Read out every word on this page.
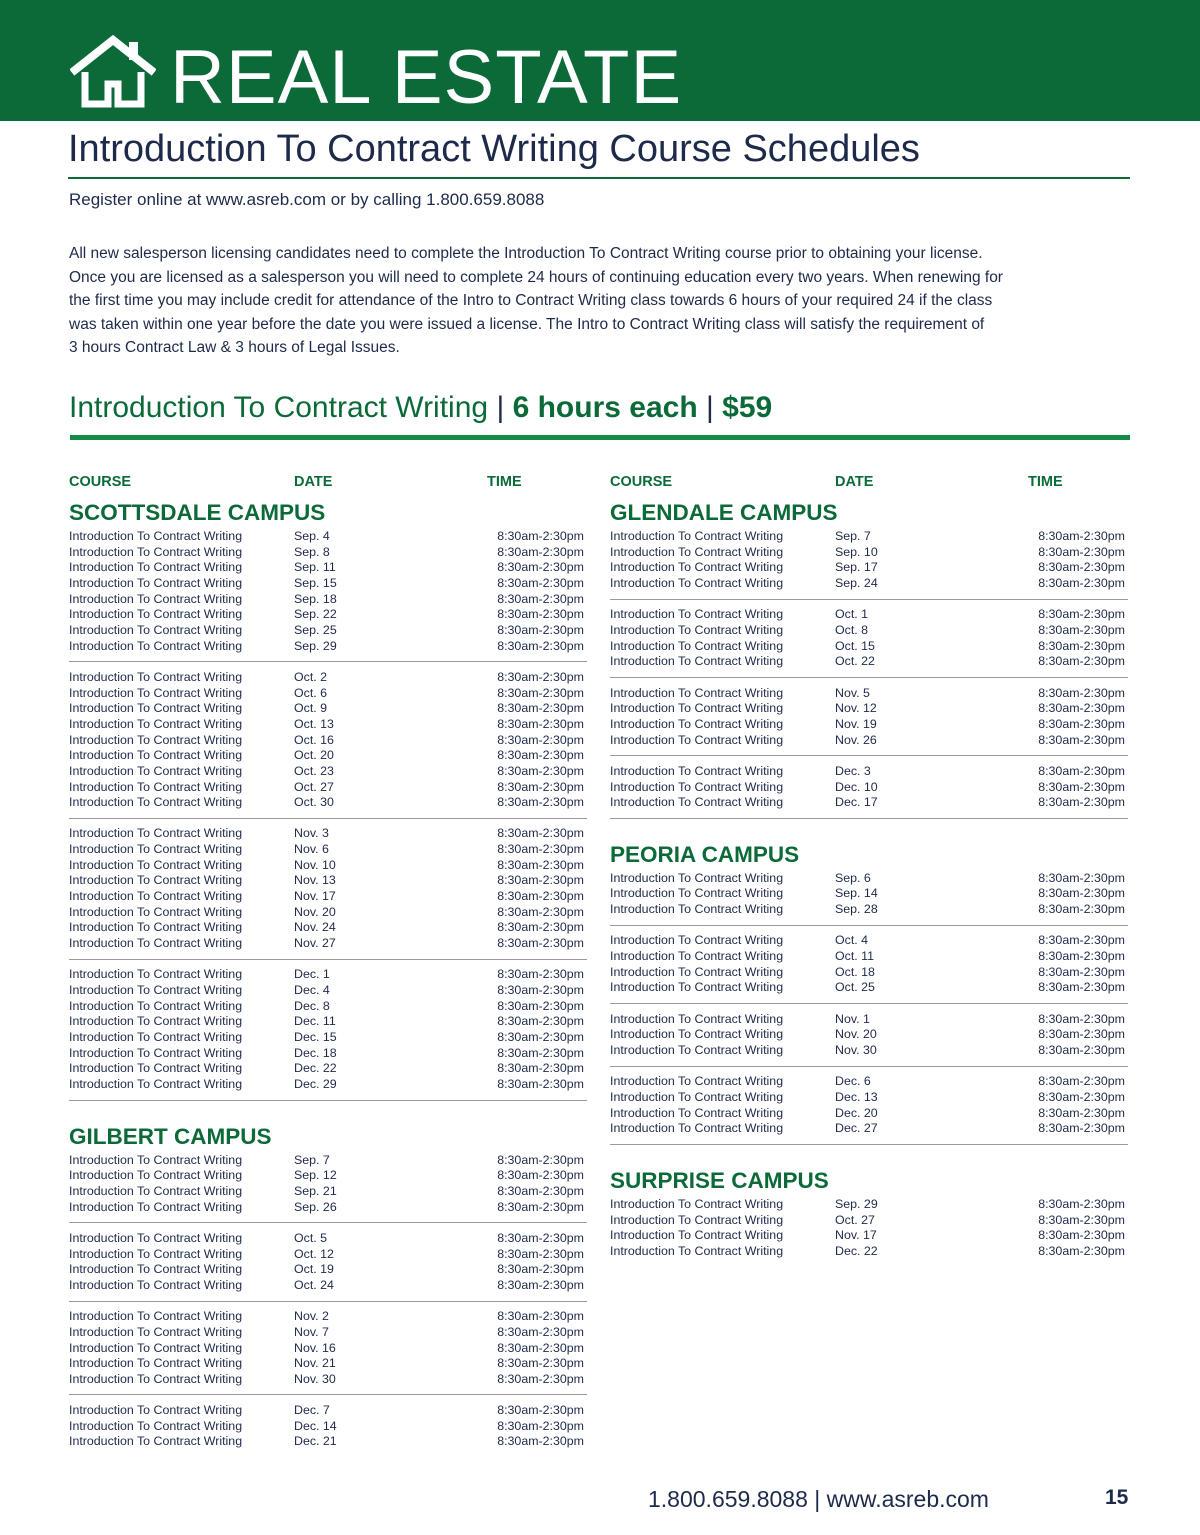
REAL ESTATE
Introduction To Contract Writing Course Schedules
Register online at www.asreb.com or by calling 1.800.659.8088
All new salesperson licensing candidates need to complete the Introduction To Contract Writing course prior to obtaining your license.
Once you are licensed as a salesperson you will need to complete 24 hours of continuing education every two years. When renewing for
the first time you may include credit for attendance of the Intro to Contract Writing class towards 6 hours of your required 24 if the class
was taken within one year before the date you were issued a license. The Intro to Contract Writing class will satisfy the requirement of
3 hours Contract Law & 3 hours of Legal Issues.
Introduction To Contract Writing | 6 hours each | $59
COURSE	DATE	TIME
SCOTTSDALE CAMPUS
Introduction To Contract Writing	Sep. 4	8:30am-2:30pm
Introduction To Contract Writing	Sep. 8	8:30am-2:30pm
Introduction To Contract Writing	Sep. 11	8:30am-2:30pm
Introduction To Contract Writing	Sep. 15	8:30am-2:30pm
Introduction To Contract Writing	Sep. 18	8:30am-2:30pm
Introduction To Contract Writing	Sep. 22	8:30am-2:30pm
Introduction To Contract Writing	Sep. 25	8:30am-2:30pm
Introduction To Contract Writing	Sep. 29	8:30am-2:30pm
Introduction To Contract Writing	Oct. 2	8:30am-2:30pm
Introduction To Contract Writing	Oct. 6	8:30am-2:30pm
Introduction To Contract Writing	Oct. 9	8:30am-2:30pm
Introduction To Contract Writing	Oct. 13	8:30am-2:30pm
Introduction To Contract Writing	Oct. 16	8:30am-2:30pm
Introduction To Contract Writing	Oct. 20	8:30am-2:30pm
Introduction To Contract Writing	Oct. 23	8:30am-2:30pm
Introduction To Contract Writing	Oct. 27	8:30am-2:30pm
Introduction To Contract Writing	Oct. 30	8:30am-2:30pm
Introduction To Contract Writing	Nov. 3	8:30am-2:30pm
Introduction To Contract Writing	Nov. 6	8:30am-2:30pm
Introduction To Contract Writing	Nov. 10	8:30am-2:30pm
Introduction To Contract Writing	Nov. 13	8:30am-2:30pm
Introduction To Contract Writing	Nov. 17	8:30am-2:30pm
Introduction To Contract Writing	Nov. 20	8:30am-2:30pm
Introduction To Contract Writing	Nov. 24	8:30am-2:30pm
Introduction To Contract Writing	Nov. 27	8:30am-2:30pm
Introduction To Contract Writing	Dec. 1	8:30am-2:30pm
Introduction To Contract Writing	Dec. 4	8:30am-2:30pm
Introduction To Contract Writing	Dec. 8	8:30am-2:30pm
Introduction To Contract Writing	Dec. 11	8:30am-2:30pm
Introduction To Contract Writing	Dec. 15	8:30am-2:30pm
Introduction To Contract Writing	Dec. 18	8:30am-2:30pm
Introduction To Contract Writing	Dec. 22	8:30am-2:30pm
Introduction To Contract Writing	Dec. 29	8:30am-2:30pm
GILBERT CAMPUS
Introduction To Contract Writing	Sep. 7	8:30am-2:30pm
Introduction To Contract Writing	Sep. 12	8:30am-2:30pm
Introduction To Contract Writing	Sep. 21	8:30am-2:30pm
Introduction To Contract Writing	Sep. 26	8:30am-2:30pm
Introduction To Contract Writing	Oct. 5	8:30am-2:30pm
Introduction To Contract Writing	Oct. 12	8:30am-2:30pm
Introduction To Contract Writing	Oct. 19	8:30am-2:30pm
Introduction To Contract Writing	Oct. 24	8:30am-2:30pm
Introduction To Contract Writing	Nov. 2	8:30am-2:30pm
Introduction To Contract Writing	Nov. 7	8:30am-2:30pm
Introduction To Contract Writing	Nov. 16	8:30am-2:30pm
Introduction To Contract Writing	Nov. 21	8:30am-2:30pm
Introduction To Contract Writing	Nov. 30	8:30am-2:30pm
Introduction To Contract Writing	Dec. 7	8:30am-2:30pm
Introduction To Contract Writing	Dec. 14	8:30am-2:30pm
Introduction To Contract Writing	Dec. 21	8:30am-2:30pm
COURSE	DATE	TIME
GLENDALE CAMPUS
Introduction To Contract Writing	Sep. 7	8:30am-2:30pm
Introduction To Contract Writing	Sep. 10	8:30am-2:30pm
Introduction To Contract Writing	Sep. 17	8:30am-2:30pm
Introduction To Contract Writing	Sep. 24	8:30am-2:30pm
Introduction To Contract Writing	Oct. 1	8:30am-2:30pm
Introduction To Contract Writing	Oct. 8	8:30am-2:30pm
Introduction To Contract Writing	Oct. 15	8:30am-2:30pm
Introduction To Contract Writing	Oct. 22	8:30am-2:30pm
Introduction To Contract Writing	Nov. 5	8:30am-2:30pm
Introduction To Contract Writing	Nov. 12	8:30am-2:30pm
Introduction To Contract Writing	Nov. 19	8:30am-2:30pm
Introduction To Contract Writing	Nov. 26	8:30am-2:30pm
Introduction To Contract Writing	Dec. 3	8:30am-2:30pm
Introduction To Contract Writing	Dec. 10	8:30am-2:30pm
Introduction To Contract Writing	Dec. 17	8:30am-2:30pm
PEORIA CAMPUS
Introduction To Contract Writing	Sep. 6	8:30am-2:30pm
Introduction To Contract Writing	Sep. 14	8:30am-2:30pm
Introduction To Contract Writing	Sep. 28	8:30am-2:30pm
Introduction To Contract Writing	Oct. 4	8:30am-2:30pm
Introduction To Contract Writing	Oct. 11	8:30am-2:30pm
Introduction To Contract Writing	Oct. 18	8:30am-2:30pm
Introduction To Contract Writing	Oct. 25	8:30am-2:30pm
Introduction To Contract Writing	Nov. 1	8:30am-2:30pm
Introduction To Contract Writing	Nov. 20	8:30am-2:30pm
Introduction To Contract Writing	Nov. 30	8:30am-2:30pm
Introduction To Contract Writing	Dec. 6	8:30am-2:30pm
Introduction To Contract Writing	Dec. 13	8:30am-2:30pm
Introduction To Contract Writing	Dec. 20	8:30am-2:30pm
Introduction To Contract Writing	Dec. 27	8:30am-2:30pm
SURPRISE CAMPUS
Introduction To Contract Writing	Sep. 29	8:30am-2:30pm
Introduction To Contract Writing	Oct. 27	8:30am-2:30pm
Introduction To Contract Writing	Nov. 17	8:30am-2:30pm
Introduction To Contract Writing	Dec. 22	8:30am-2:30pm
1.800.659.8088 | www.asreb.com	15
